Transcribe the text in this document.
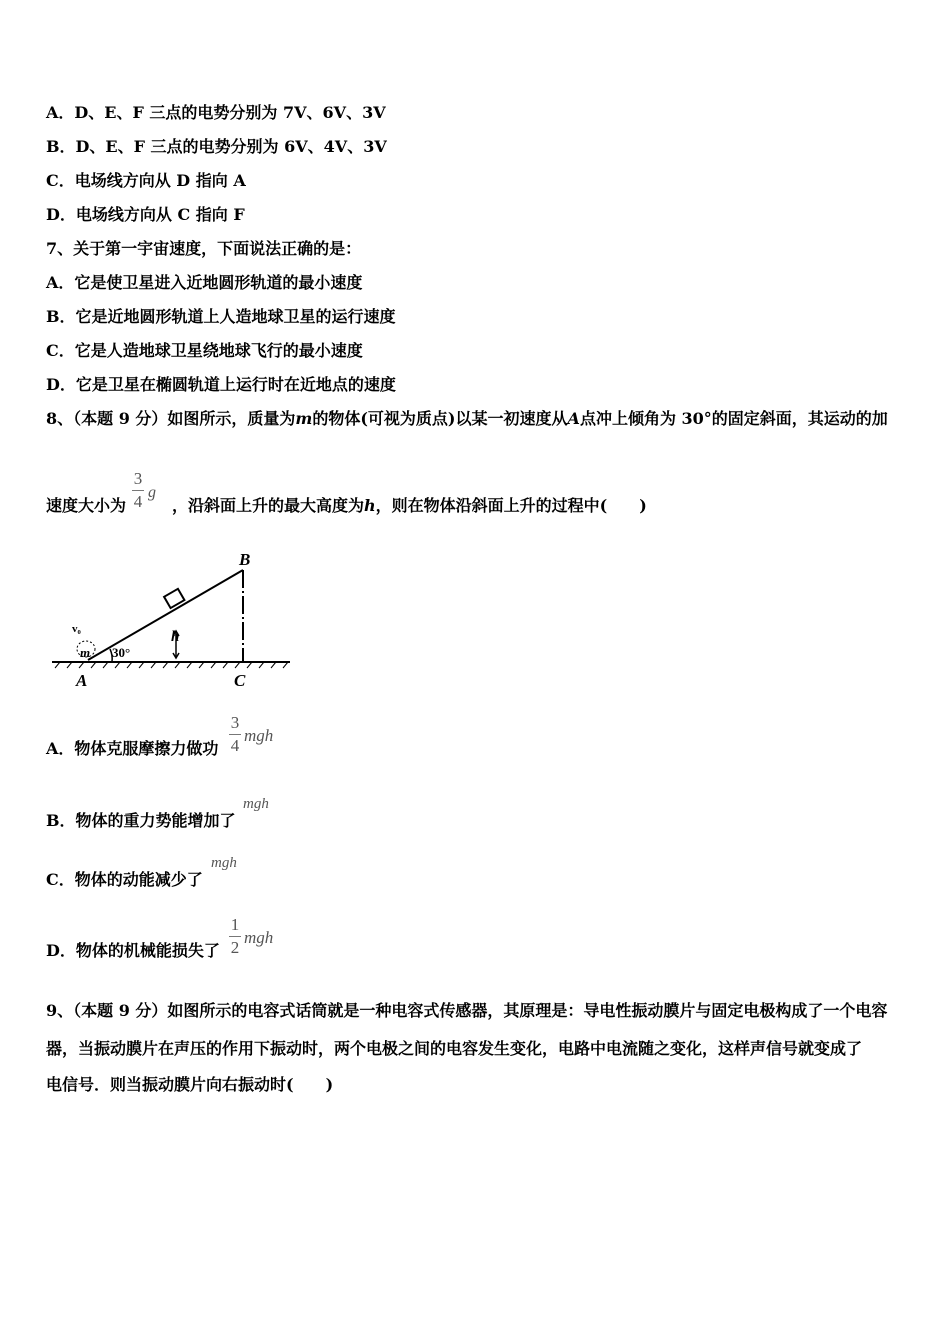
A．D、E、F 三点的电势分别为 7V、6V、3V
B．D、E、F 三点的电势分别为 6V、4V、3V
C．电场线方向从 D 指向 A
D．电场线方向从 C 指向 F
7、关于第一宇宙速度，下面说法正确的是：
A．它是使卫星进入近地圆形轨道的最小速度
B．它是近地圆形轨道上人造地球卫星的运行速度
C．它是人造地球卫星绕地球飞行的最小速度
D．它是卫星在椭圆轨道上运行时在近地点的速度
8、（本题 9 分）如图所示，质量为m的物体(可视为质点)以某一初速度从A点冲上倾角为 30°的固定斜面，其运动的加
速度大小为
3
4 g
，沿斜面上升的最大高度为h，则在物体沿斜面上升的过程中(　　)
B
A	C
h
m
v₀
30°
A．物体克服摩擦力做功
3
4
mgh
B．物体的重力势能增加了
mgh
C．物体的动能减少了
mgh
D．物体的机械能损失了
1
2
mgh
9、（本题 9 分）如图所示的电容式话筒就是一种电容式传感器，其原理是：导电性振动膜片与固定电极构成了一个电容
器，当振动膜片在声压的作用下振动时，两个电极之间的电容发生变化，电路中电流随之变化，这样声信号就变成了
电信号．则当振动膜片向右振动时(　　)
